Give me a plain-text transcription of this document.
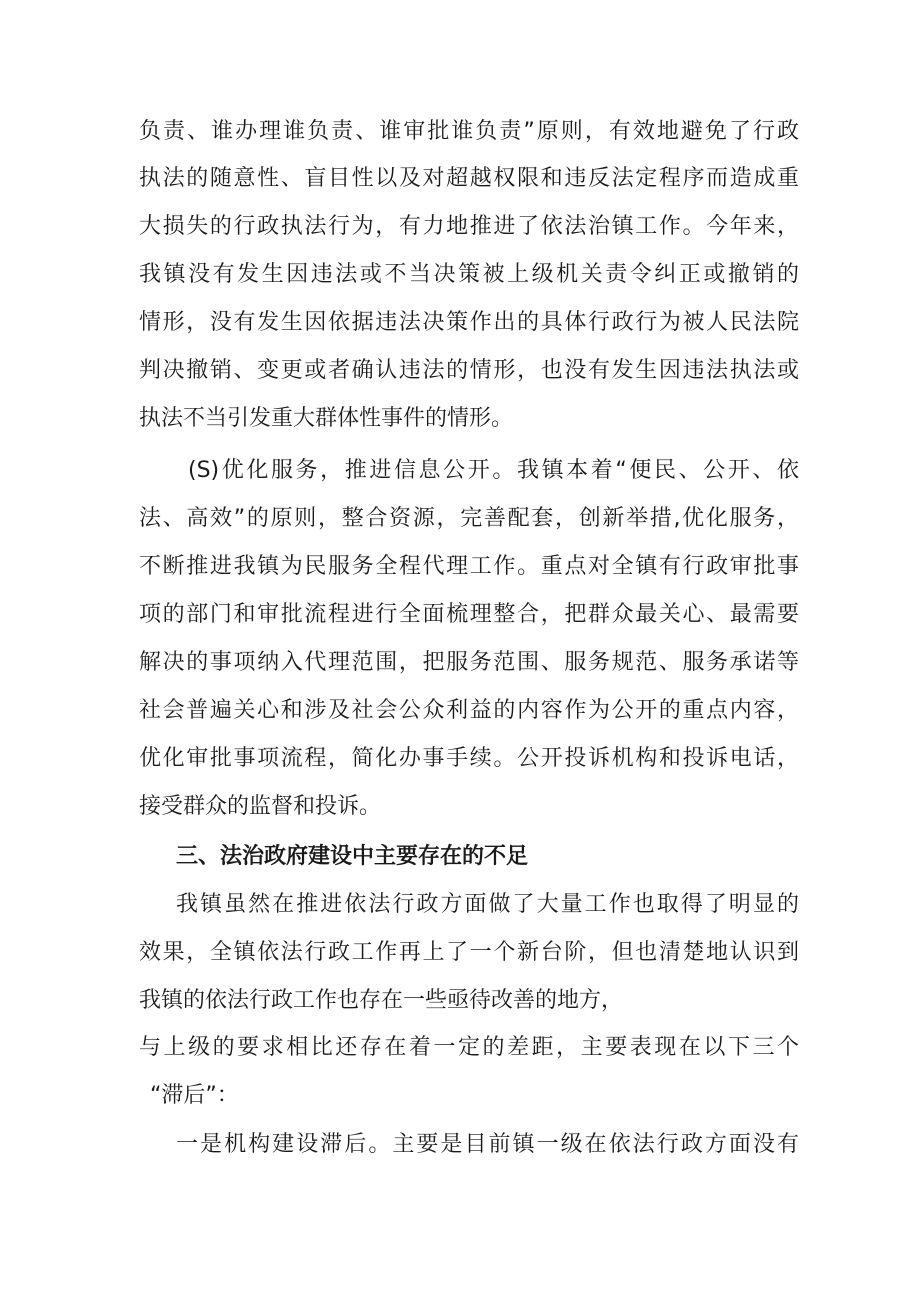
负责、谁办理谁负责、谁审批谁负责”原则，有效地避免了行政
执法的随意性、盲目性以及对超越权限和违反法定程序而造成重
大损失的行政执法行为，有力地推进了依法治镇工作。今年来，
我镇没有发生因违法或不当决策被上级机关责令纠正或撤销的
情形，没有发生因依据违法决策作出的具体行政行为被人民法院
判决撤销、变更或者确认违法的情形，也没有发生因违法执法或
执法不当引发重大群体性事件的情形。
(S)优化服务，推进信息公开。我镇本着“便民、公开、依
法、高效”的原则，整合资源，完善配套，创新举措,优化服务，
不断推进我镇为民服务全程代理工作。重点对全镇有行政审批事
项的部门和审批流程进行全面梳理整合，把群众最关心、最需要
解决的事项纳入代理范围，把服务范围、服务规范、服务承诺等
社会普遍关心和涉及社会公众利益的内容作为公开的重点内容，
优化审批事项流程，简化办事手续。公开投诉机构和投诉电话，
接受群众的监督和投诉。
三、法治政府建设中主要存在的不足
我镇虽然在推进依法行政方面做了大量工作也取得了明显的
效果，全镇依法行政工作再上了一个新台阶，但也清楚地认识到
我镇的依法行政工作也存在一些亟待改善的地方，
与上级的要求相比还存在着一定的差距，主要表现在以下三个
“滞后”：
一是机构建设滞后。主要是目前镇一级在依法行政方面没有
